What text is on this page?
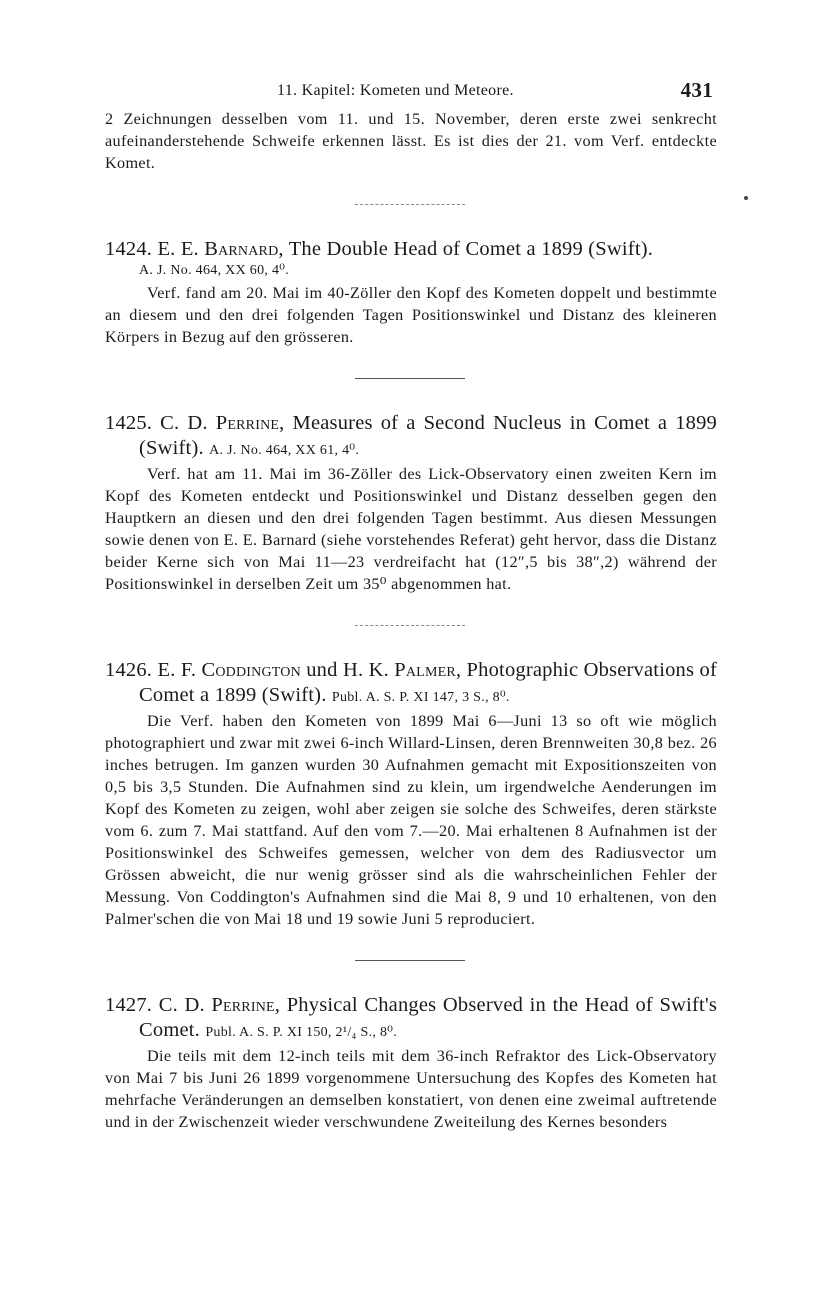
11. Kapitel: Kometen und Meteore.	431

2 Zeichnungen desselben vom 11. und 15. November, deren erste zwei senkrecht aufeinanderstehende Schweife erkennen lässt. Es ist dies der 21. vom Verf. entdeckte Komet.

1424. E. E. Barnard, The Double Head of Comet a 1899 (Swift).

A. J. No. 464, XX 60, 4⁰.

Verf. fand am 20. Mai im 40-Zöller den Kopf des Kometen doppelt und bestimmte an diesem und den drei folgenden Tagen Positionswinkel und Distanz des kleineren Körpers in Bezug auf den grösseren.

1425. C. D. Perrine, Measures of a Second Nucleus in Comet a 1899 (Swift). A. J. No. 464, XX 61, 4⁰.

Verf. hat am 11. Mai im 36-Zöller des Lick-Observatory einen zweiten Kern im Kopf des Kometen entdeckt und Positionswinkel und Distanz desselben gegen den Hauptkern an diesen und den drei folgenden Tagen bestimmt. Aus diesen Messungen sowie denen von E. E. Barnard (siehe vorstehendes Referat) geht hervor, dass die Distanz beider Kerne sich von Mai 11—23 verdreifacht hat (12″,5 bis 38″,2) während der Positionswinkel in derselben Zeit um 35⁰ abgenommen hat.

1426. E. F. Coddington und H. K. Palmer, Photographic Observations of Comet a 1899 (Swift). Publ. A. S. P. XI 147, 3 S., 8⁰.

Die Verf. haben den Kometen von 1899 Mai 6—Juni 13 so oft wie möglich photographiert und zwar mit zwei 6-inch Willard-Linsen, deren Brennweiten 30,8 bez. 26 inches betrugen. Im ganzen wurden 30 Aufnahmen gemacht mit Expositionszeiten von 0,5 bis 3,5 Stunden. Die Aufnahmen sind zu klein, um irgendwelche Aenderungen im Kopf des Kometen zu zeigen, wohl aber zeigen sie solche des Schweifes, deren stärkste vom 6. zum 7. Mai stattfand. Auf den vom 7.—20. Mai erhaltenen 8 Aufnahmen ist der Positionswinkel des Schweifes gemessen, welcher von dem des Radiusvector um Grössen abweicht, die nur wenig grösser sind als die wahrscheinlichen Fehler der Messung. Von Coddington's Aufnahmen sind die Mai 8, 9 und 10 erhaltenen, von den Palmer'schen die von Mai 18 und 19 sowie Juni 5 reproduciert.

1427. C. D. Perrine, Physical Changes Observed in the Head of Swift's Comet. Publ. A. S. P. XI 150, 2¹/₄ S., 8⁰.

Die teils mit dem 12-inch teils mit dem 36-inch Refraktor des Lick-Observatory von Mai 7 bis Juni 26 1899 vorgenommene Untersuchung des Kopfes des Kometen hat mehrfache Veränderungen an demselben konstatiert, von denen eine zweimal auftretende und in der Zwischenzeit wieder verschwundene Zweiteilung des Kernes besonders
